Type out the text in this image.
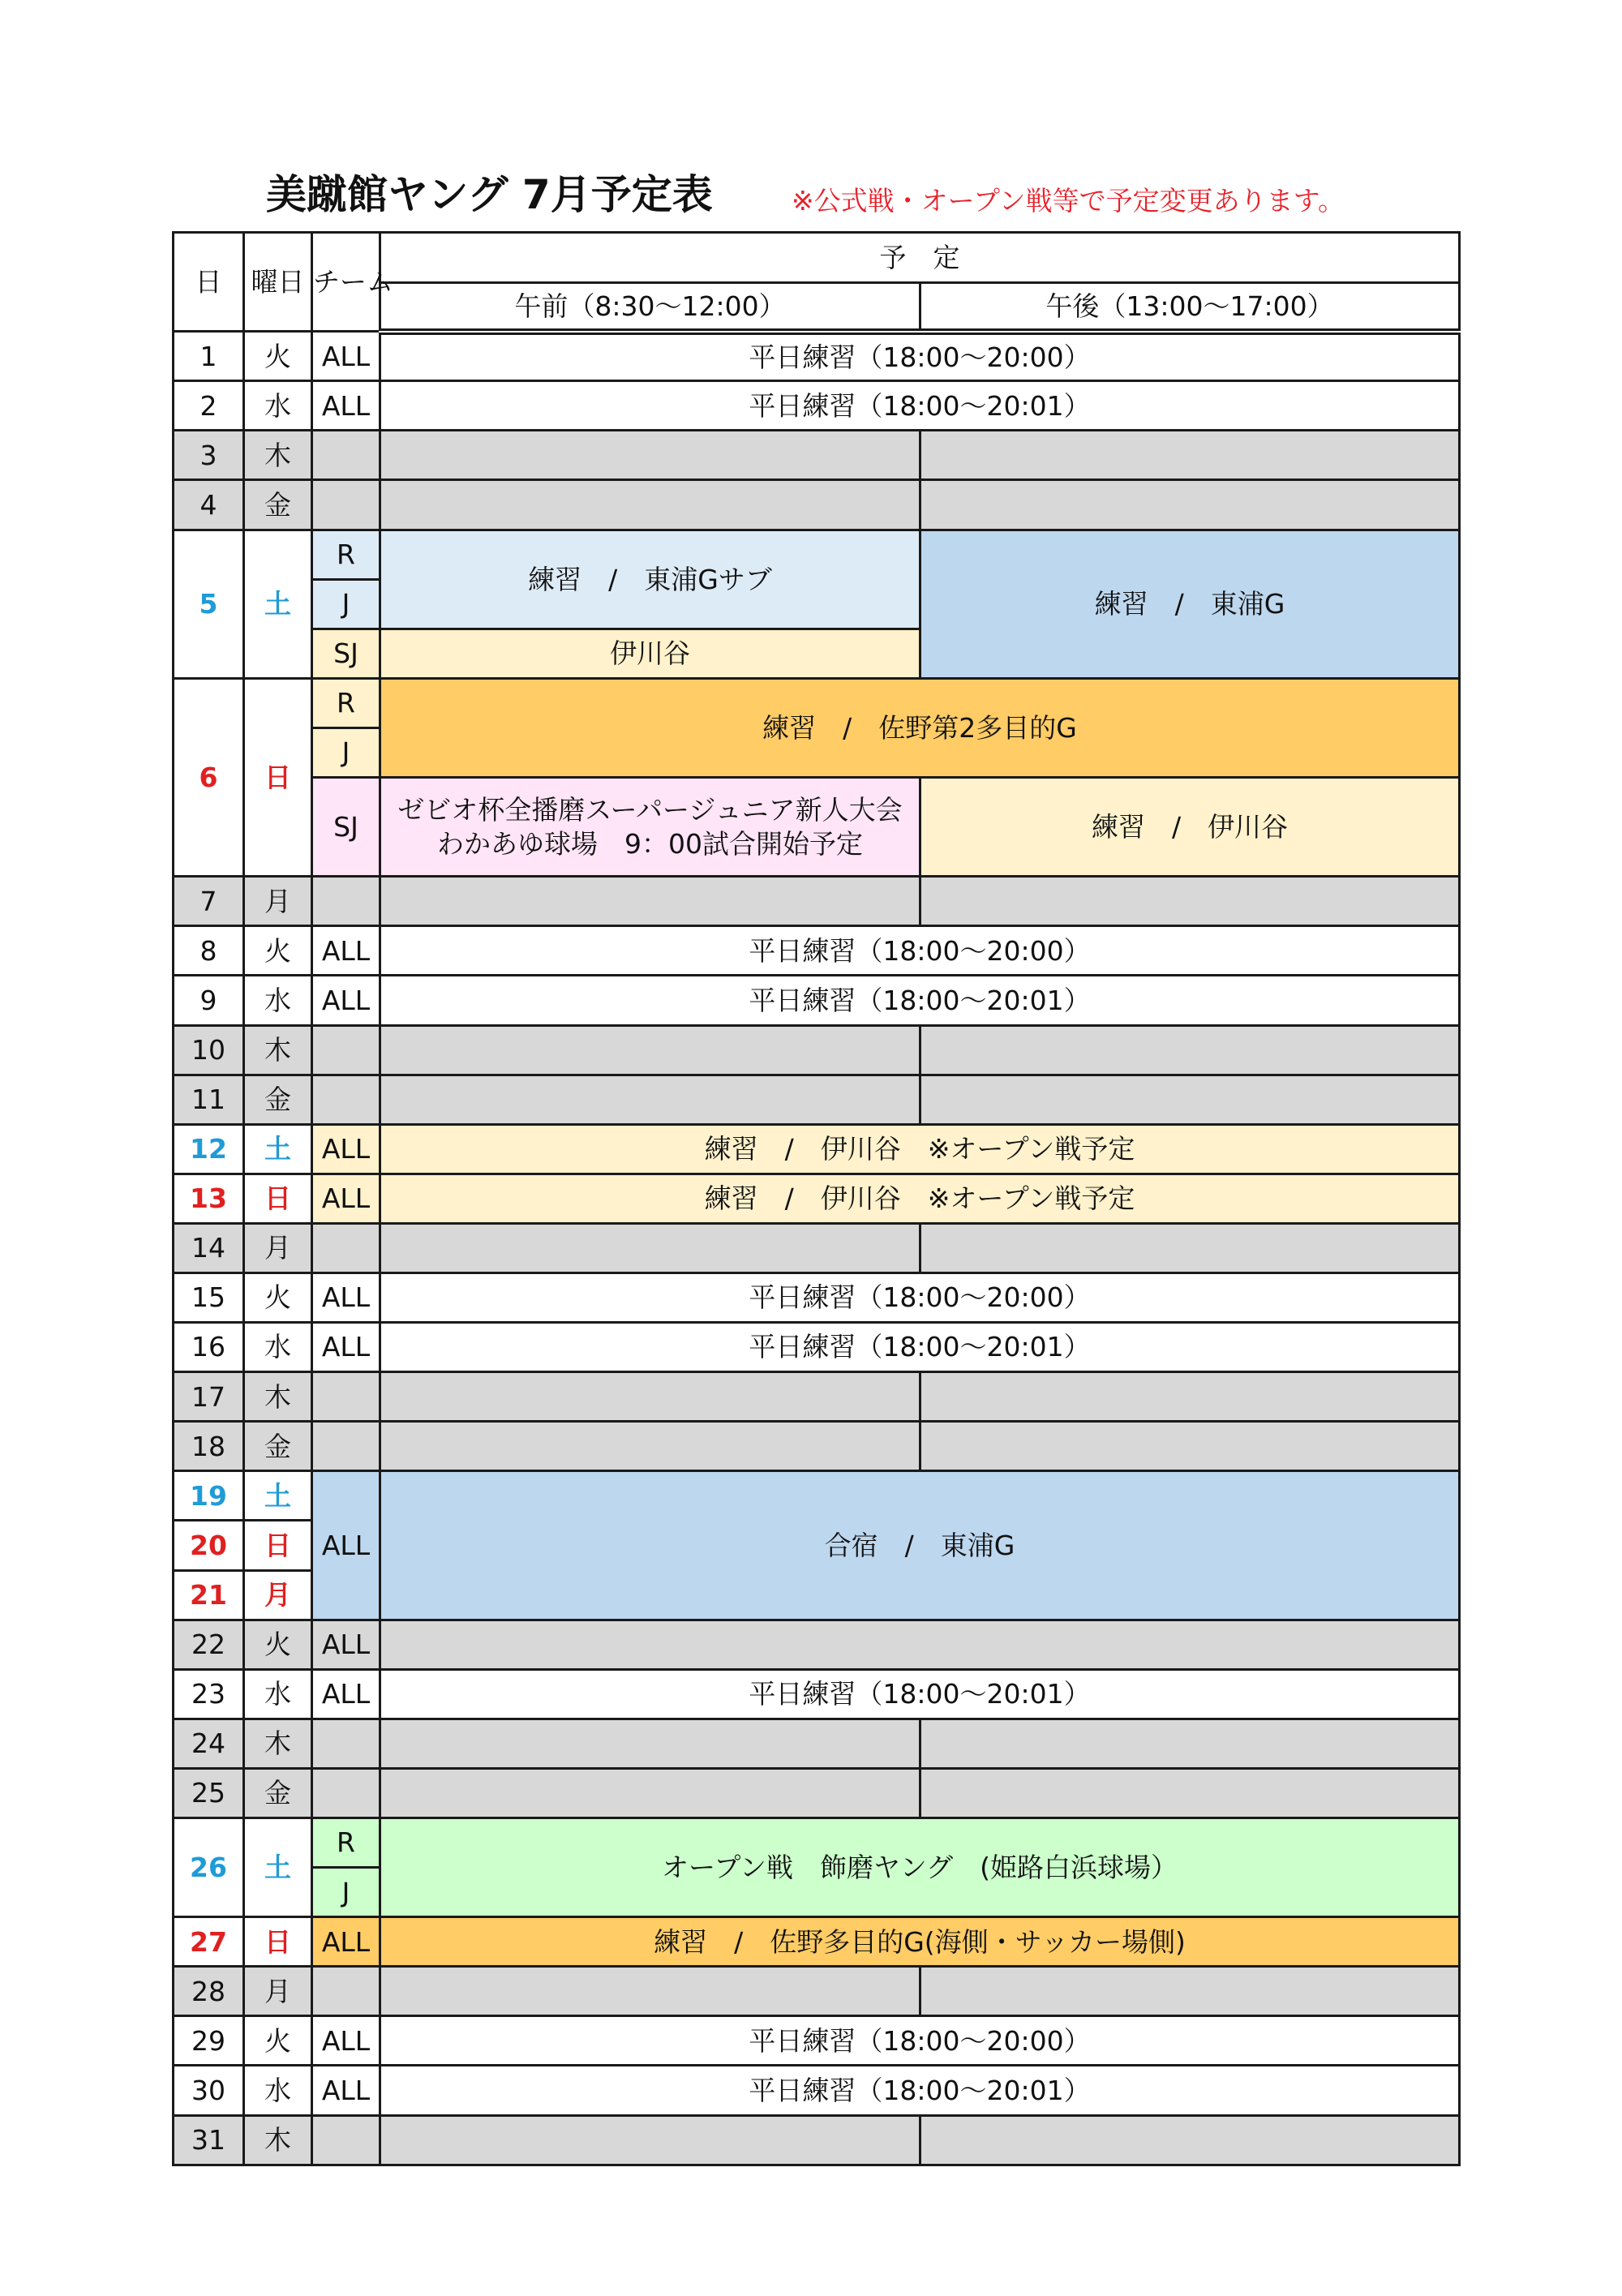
美蹴館ヤング 7月予定表	※公式戦・オープン戦等で予定変更あります。
日	曜日	チーム	予　定	
			午前（8:30～12:00）	午後（13:00～17:00）
1	火	ALL	平日練習（18:00～20:00）	
2	水	ALL	平日練習（18:00～20:01）	
3	木			
4	金			
5	土	R	練習　/　東浦Gサブ	練習　/　東浦G
		J		
		SJ	伊川谷	
6	日	R	練習　/　佐野第2多目的G	
		J		
		SJ	ゼビオ杯全播磨スーパージュニア新人大会
わかあゆ球場　9：00試合開始予定	練習　/　伊川谷

7	月			
8	火	ALL	平日練習（18:00～20:00）	
9	水	ALL	平日練習（18:00～20:01）	
10	木			
11	金			
12	土	ALL	練習　/　伊川谷　※オープン戦予定	
13	日	ALL	練習　/　伊川谷　※オープン戦予定	
14	月			
15	火	ALL	平日練習（18:00～20:00）	
16	水	ALL	平日練習（18:00～20:01）	
17	木			
18	金			
19	土	ALL	合宿　/　東浦G	
20	日			
21	月			
22	火	ALL		
23	水	ALL	平日練習（18:00～20:01）	
24	木			
25	金			
26	土	R	オープン戦　飾磨ヤング　(姫路白浜球場）	
		J		
27	日	ALL	練習　/　佐野多目的G(海側・サッカー場側)	
28	月			
29	火	ALL	平日練習（18:00～20:00）	
30	水	ALL	平日練習（18:00～20:01）	
31	木			
